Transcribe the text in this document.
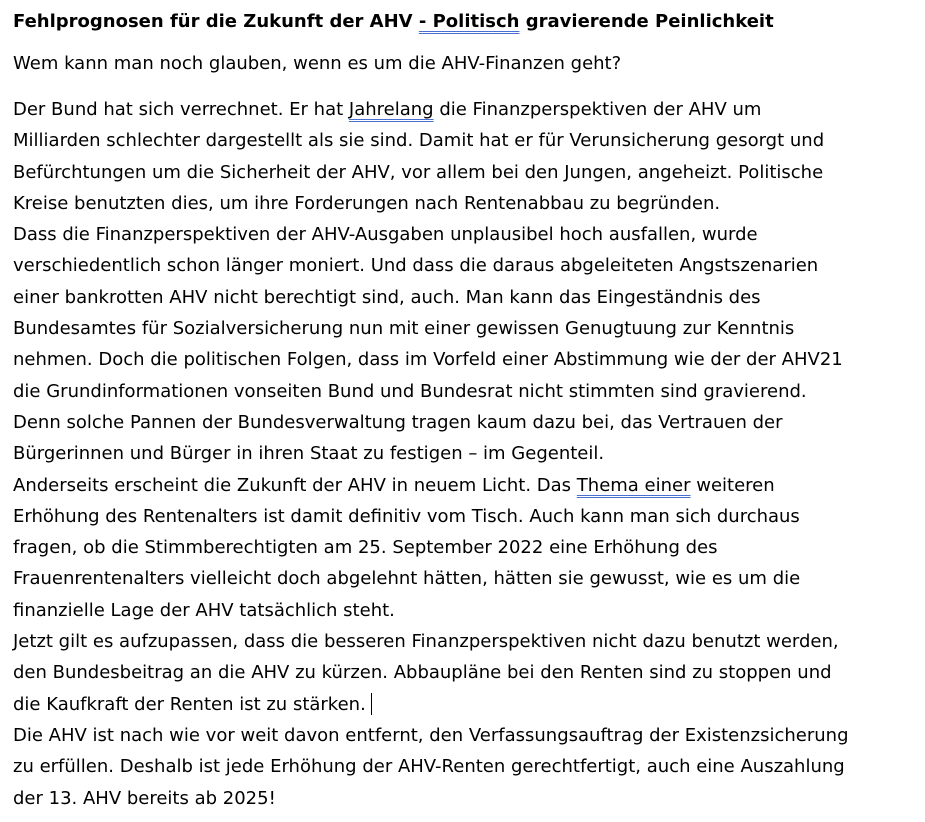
Fehlprognosen für die Zukunft der AHV - Politisch gravierende Peinlichkeit

Wem kann man noch glauben, wenn es um die AHV-Finanzen geht?

Der Bund hat sich verrechnet. Er hat Jahrelang die Finanzperspektiven der AHV um
Milliarden schlechter dargestellt als sie sind. Damit hat er für Verunsicherung gesorgt und
Befürchtungen um die Sicherheit der AHV, vor allem bei den Jungen, angeheizt. Politische
Kreise benutzten dies, um ihre Forderungen nach Rentenabbau zu begründen.

Dass die Finanzperspektiven der AHV-Ausgaben unplausibel hoch ausfallen, wurde
verschiedentlich schon länger moniert. Und dass die daraus abgeleiteten Angstszenarien
einer bankrotten AHV nicht berechtigt sind, auch. Man kann das Eingeständnis des
Bundesamtes für Sozialversicherung nun mit einer gewissen Genugtuung zur Kenntnis
nehmen. Doch die politischen Folgen, dass im Vorfeld einer Abstimmung wie der der AHV21
die Grundinformationen vonseiten Bund und Bundesrat nicht stimmten sind gravierend.
Denn solche Pannen der Bundesverwaltung tragen kaum dazu bei, das Vertrauen der
Bürgerinnen und Bürger in ihren Staat zu festigen – im Gegenteil.

Anderseits erscheint die Zukunft der AHV in neuem Licht. Das Thema einer weiteren
Erhöhung des Rentenalters ist damit definitiv vom Tisch. Auch kann man sich durchaus
fragen, ob die Stimmberechtigten am 25. September 2022 eine Erhöhung des
Frauenrentenalters vielleicht doch abgelehnt hätten, hätten sie gewusst, wie es um die
finanzielle Lage der AHV tatsächlich steht.

Jetzt gilt es aufzupassen, dass die besseren Finanzperspektiven nicht dazu benutzt werden,
den Bundesbeitrag an die AHV zu kürzen. Abbaupläne bei den Renten sind zu stoppen und
die Kaufkraft der Renten ist zu stärken.

Die AHV ist nach wie vor weit davon entfernt, den Verfassungsauftrag der Existenzsicherung
zu erfüllen. Deshalb ist jede Erhöhung der AHV-Renten gerechtfertigt, auch eine Auszahlung
der 13. AHV bereits ab 2025!
